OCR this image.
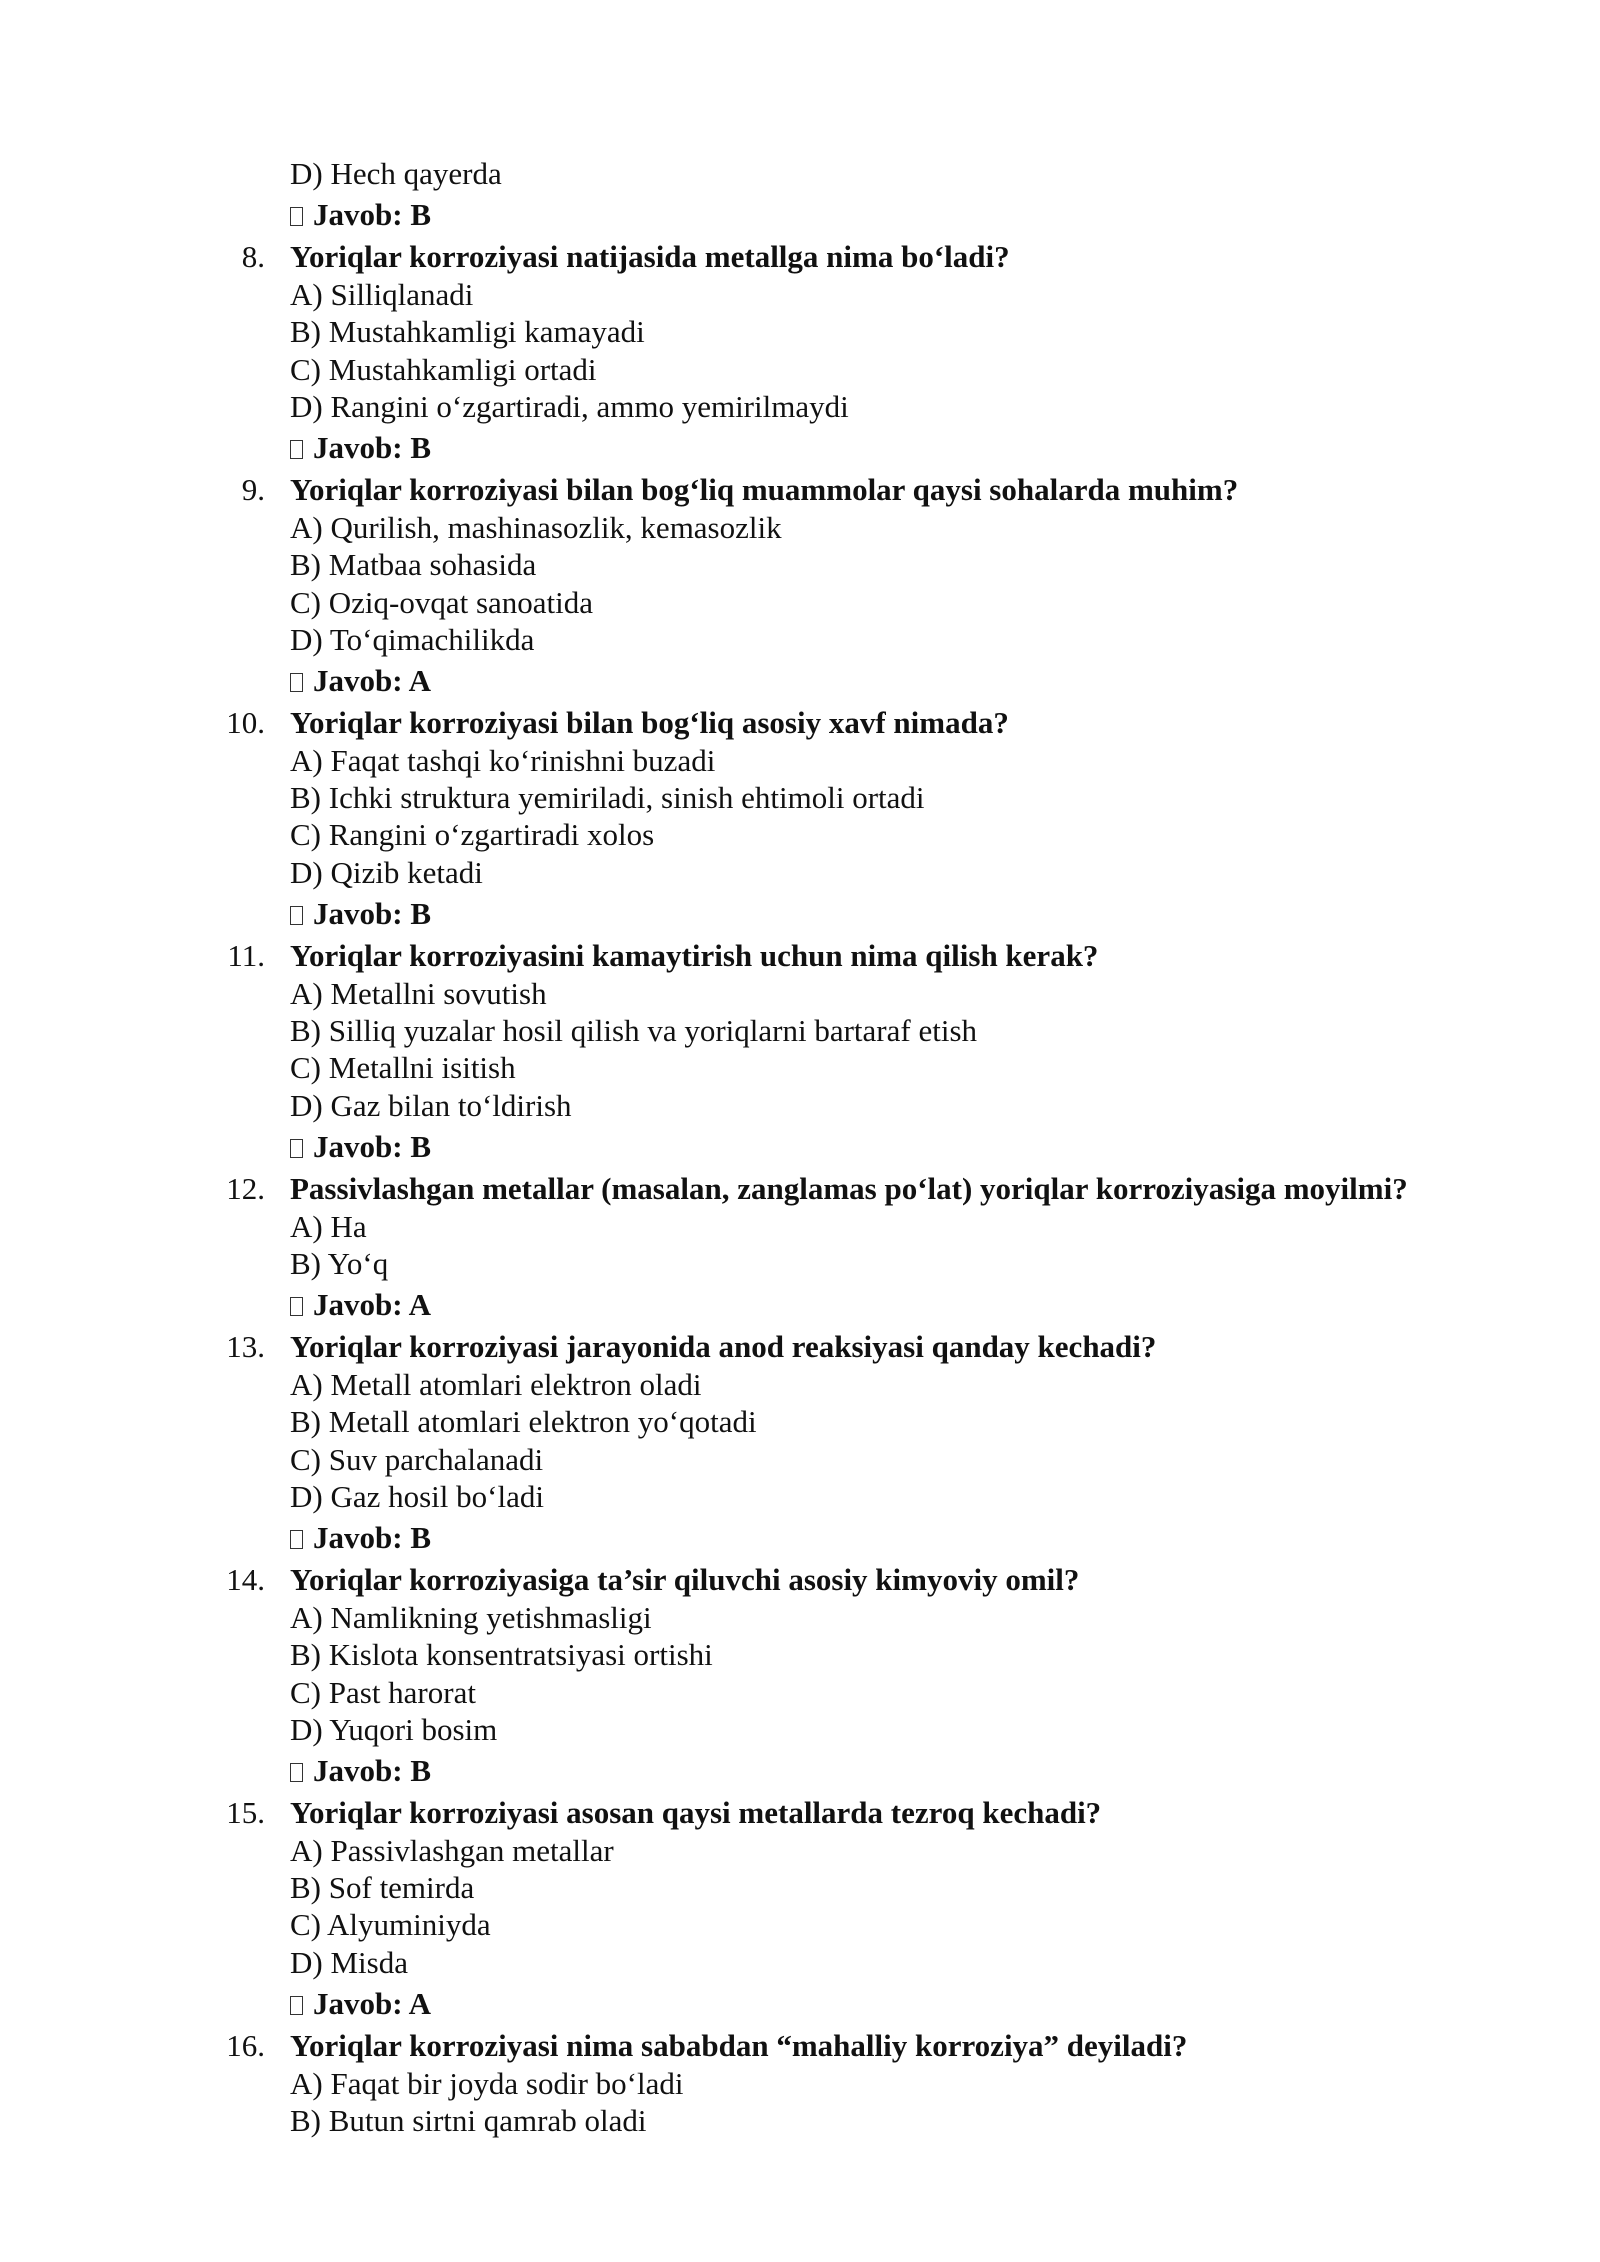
D) Hech qayerda
Javob: B
8. Yoriqlar korroziyasi natijasida metallga nima bo‘ladi?
A) Silliqlanadi
B) Mustahkamligi kamayadi
C) Mustahkamligi ortadi
D) Rangini o‘zgartiradi, ammo yemirilmaydi
Javob: B
9. Yoriqlar korroziyasi bilan bog‘liq muammolar qaysi sohalarda muhim?
A) Qurilish, mashinasozlik, kemasozlik
B) Matbaa sohasida
C) Oziq-ovqat sanoatida
D) To‘qimachilikda
Javob: A
10. Yoriqlar korroziyasi bilan bog‘liq asosiy xavf nimada?
A) Faqat tashqi ko‘rinishni buzadi
B) Ichki struktura yemiriladi, sinish ehtimoli ortadi
C) Rangini o‘zgartiradi xolos
D) Qizib ketadi
Javob: B
11. Yoriqlar korroziyasini kamaytirish uchun nima qilish kerak?
A) Metallni sovutish
B) Silliq yuzalar hosil qilish va yoriqlarni bartaraf etish
C) Metallni isitish
D) Gaz bilan to‘ldirish
Javob: B
12. Passivlashgan metallar (masalan, zanglamas po‘lat) yoriqlar korroziyasiga moyilmi?
A) Ha
B) Yo‘q
Javob: A
13. Yoriqlar korroziyasi jarayonida anod reaksiyasi qanday kechadi?
A) Metall atomlari elektron oladi
B) Metall atomlari elektron yo‘qotadi
C) Suv parchalanadi
D) Gaz hosil bo‘ladi
Javob: B
14. Yoriqlar korroziyasiga ta’sir qiluvchi asosiy kimyoviy omil?
A) Namlikning yetishmasligi
B) Kislota konsentratsiyasi ortishi
C) Past harorat
D) Yuqori bosim
Javob: B
15. Yoriqlar korroziyasi asosan qaysi metallarda tezroq kechadi?
A) Passivlashgan metallar
B) Sof temirda
C) Alyuminiyda
D) Misda
Javob: A
16. Yoriqlar korroziyasi nima sababdan “mahalliy korroziya” deyiladi?
A) Faqat bir joyda sodir bo‘ladi
B) Butun sirtni qamrab oladi
